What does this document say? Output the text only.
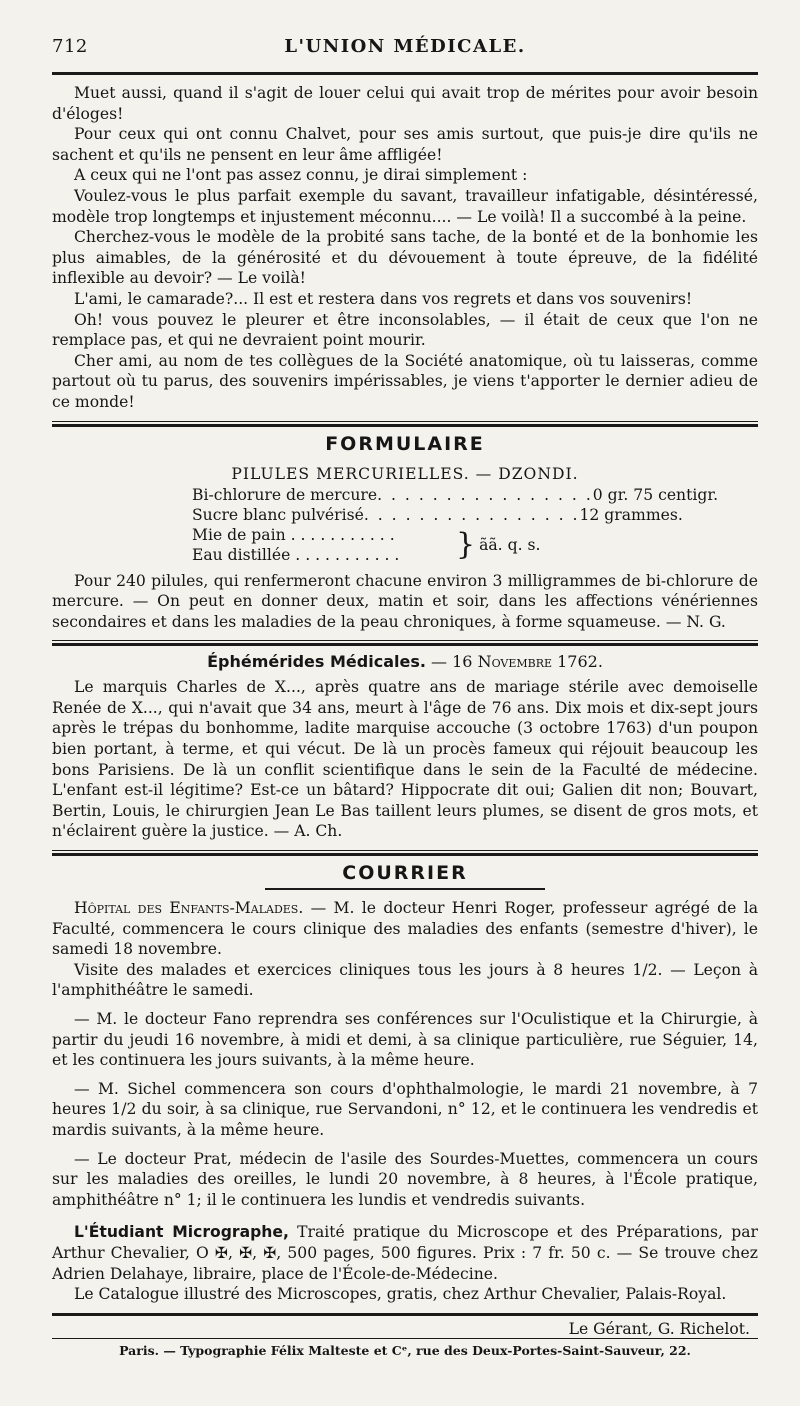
712	L'UNION MÉDICALE.

Muet aussi, quand il s'agit de louer celui qui avait trop de mérites pour avoir besoin d'éloges!

Pour ceux qui ont connu Chalvet, pour ses amis surtout, que puis-je dire qu'ils ne sachent et qu'ils ne pensent en leur âme affligée!

A ceux qui ne l'ont pas assez connu, je dirai simplement :

Voulez-vous le plus parfait exemple du savant, travailleur infatigable, désintéressé, modèle trop longtemps et injustement méconnu.... — Le voilà! Il a succombé à la peine.

Cherchez-vous le modèle de la probité sans tache, de la bonté et de la bonhomie les plus aimables, de la générosité et du dévouement à toute épreuve, de la fidélité inflexible au devoir? — Le voilà!

L'ami, le camarade?... Il est et restera dans vos regrets et dans vos souvenirs!

Oh! vous pouvez le pleurer et être inconsolables, — il était de ceux que l'on ne remplace pas, et qui ne devraient point mourir.

Cher ami, au nom de tes collègues de la Société anatomique, où tu laisseras, comme partout où tu parus, des souvenirs impérissables, je viens t'apporter le dernier adieu de ce monde!

FORMULAIRE
PILULES MERCURIELLES. — DZONDI.
Bi-chlorure de mercure . . . . . . . . . . . . . . . . 0 gr. 75 centigr.
Sucre blanc pulvérisé . . . . . . . . . . . . . . . . 12 grammes.
Mie de pain . . . . . . . . . . .
Eau distillée . . . . . . . . . . .	} ãã. q. s.

Pour 240 pilules, qui renfermeront chacune environ 3 milligrammes de bi-chlorure de mercure. — On peut en donner deux, matin et soir, dans les affections vénériennes secondaires et dans les maladies de la peau chroniques, à forme squameuse. — N. G.

Éphémérides Médicales. — 16 Novembre 1762.

Le marquis Charles de X..., après quatre ans de mariage stérile avec demoiselle Renée de X..., qui n'avait que 34 ans, meurt à l'âge de 76 ans. Dix mois et dix-sept jours après le trépas du bonhomme, ladite marquise accouche (3 octobre 1763) d'un poupon bien portant, à terme, et qui vécut. De là un procès fameux qui réjouit beaucoup les bons Parisiens. De là un conflit scientifique dans le sein de la Faculté de médecine. L'enfant est-il légitime? Est-ce un bâtard? Hippocrate dit oui; Galien dit non; Bouvart, Bertin, Louis, le chirurgien Jean Le Bas taillent leurs plumes, se disent de gros mots, et n'éclairent guère la justice. — A. Ch.

COURRIER

Hôpital des Enfants-Malades. — M. le docteur Henri Roger, professeur agrégé de la Faculté, commencera le cours clinique des maladies des enfants (semestre d'hiver), le samedi 18 novembre.

Visite des malades et exercices cliniques tous les jours à 8 heures 1/2. — Leçon à l'amphithéâtre le samedi.

— M. le docteur Fano reprendra ses conférences sur l'Oculistique et la Chirurgie, à partir du jeudi 16 novembre, à midi et demi, à sa clinique particulière, rue Séguier, 14, et les continuera les jours suivants, à la même heure.

— M. Sichel commencera son cours d'ophthalmologie, le mardi 21 novembre, à 7 heures 1/2 du soir, à sa clinique, rue Servandoni, n° 12, et le continuera les vendredis et mardis suivants, à la même heure.

— Le docteur Prat, médecin de l'asile des Sourdes-Muettes, commencera un cours sur les maladies des oreilles, le lundi 20 novembre, à 8 heures, à l'École pratique, amphithéâtre n° 1; il le continuera les lundis et vendredis suivants.

L'Étudiant Micrographe, Traité pratique du Microscope et des Préparations, par Arthur Chevalier, O ✠, ✠, ✠, 500 pages, 500 figures. Prix : 7 fr. 50 c. — Se trouve chez Adrien Delahaye, libraire, place de l'École-de-Médecine.

Le Catalogue illustré des Microscopes, gratis, chez Arthur Chevalier, Palais-Royal.

Le Gérant, G. Richelot.
Paris. — Typographie Félix Malteste et Cᵉ, rue des Deux-Portes-Saint-Sauveur, 22.
